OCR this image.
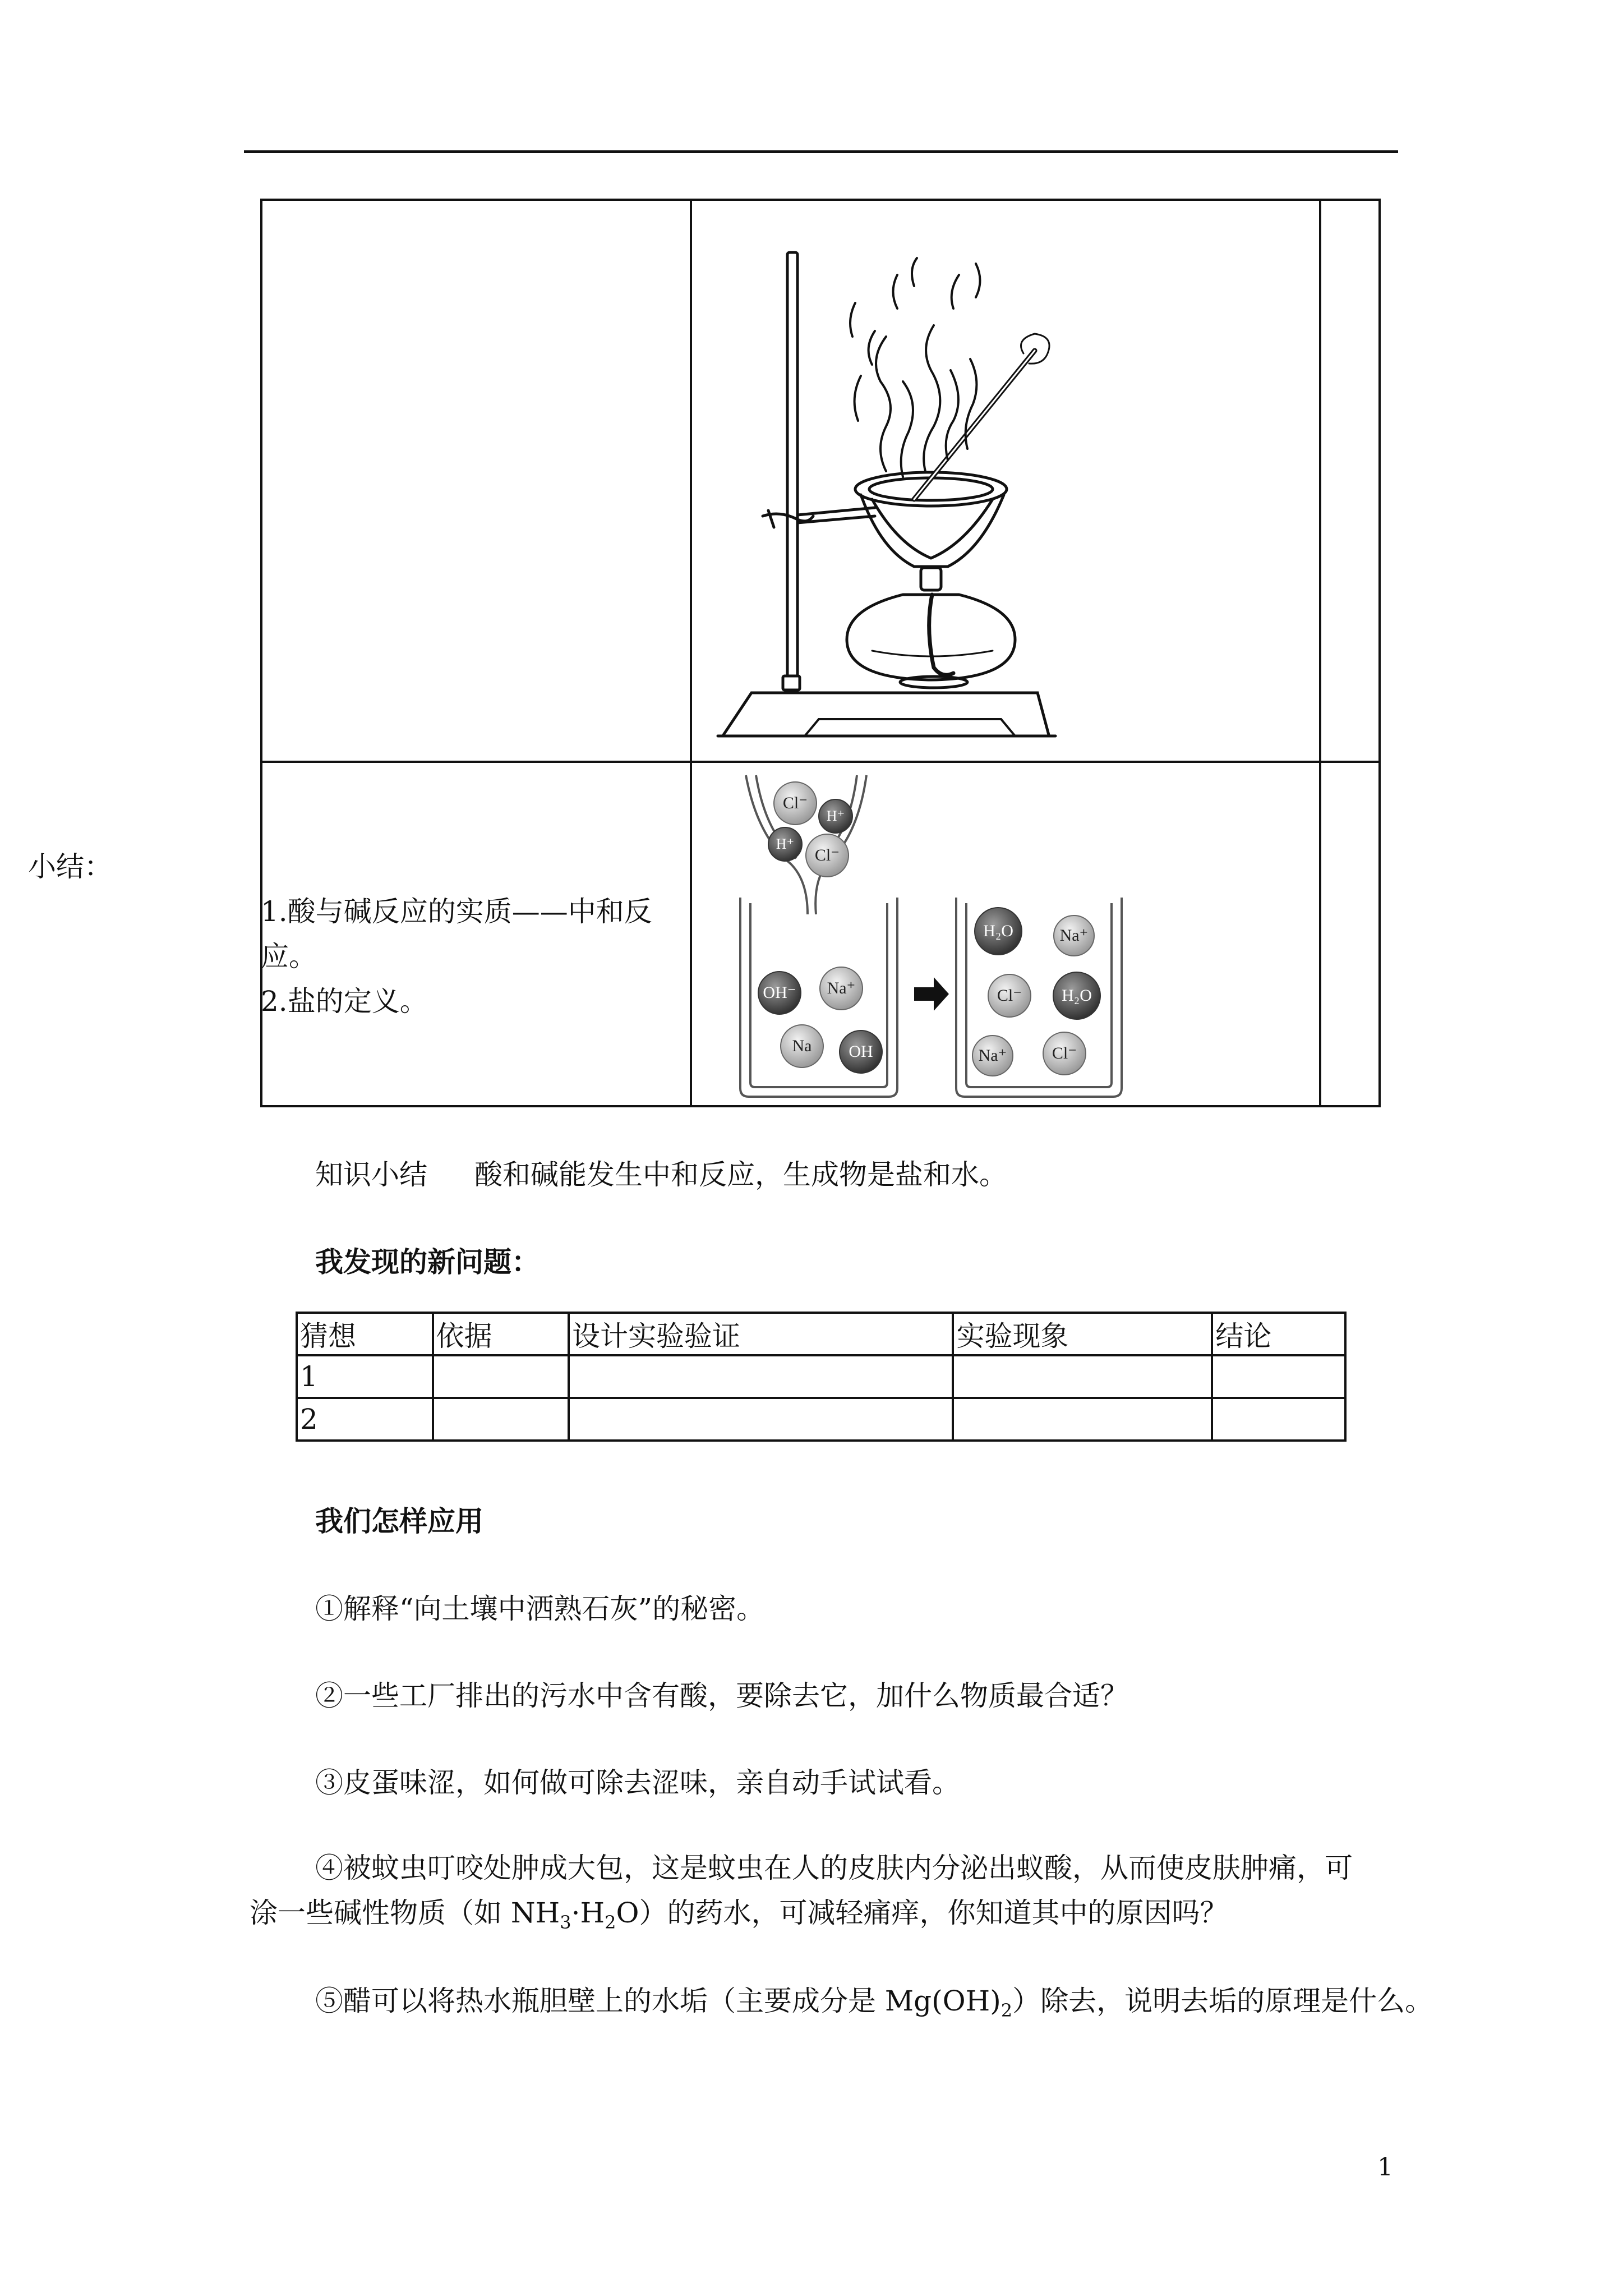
小结：
1.酸与碱反应的实质——中和反
应。
2.盐的定义。
Cl⁻
H⁺
H⁺
Cl⁻
OH⁻ Na⁺
Na OH
H₂O	Na⁺
Cl⁻ H₂O
Na⁺	Cl⁻
知识小结 酸和碱能发生中和反应，生成物是盐和水。
我发现的新问题：
猜想	依据	设计实验验证	实验现象	结论
1				
2				
我们怎样应用
①解释“向土壤中洒熟石灰”的秘密。
②一些工厂排出的污水中含有酸，要除去它，加什么物质最合适？
③皮蛋味涩，如何做可除去涩味，亲自动手试试看。
④被蚊虫叮咬处肿成大包，这是蚊虫在人的皮肤内分泌出蚁酸，从而使皮肤肿痛，可
涂一些碱性物质（如 $NH_3\cdot H_2O$）的药水，可减轻痛痒，你知道其中的原因吗？
⑤醋可以将热水瓶胆壁上的水垢（主要成分是 $Mg(OH)_2$）除去，说明去垢的原理是什么。
1
